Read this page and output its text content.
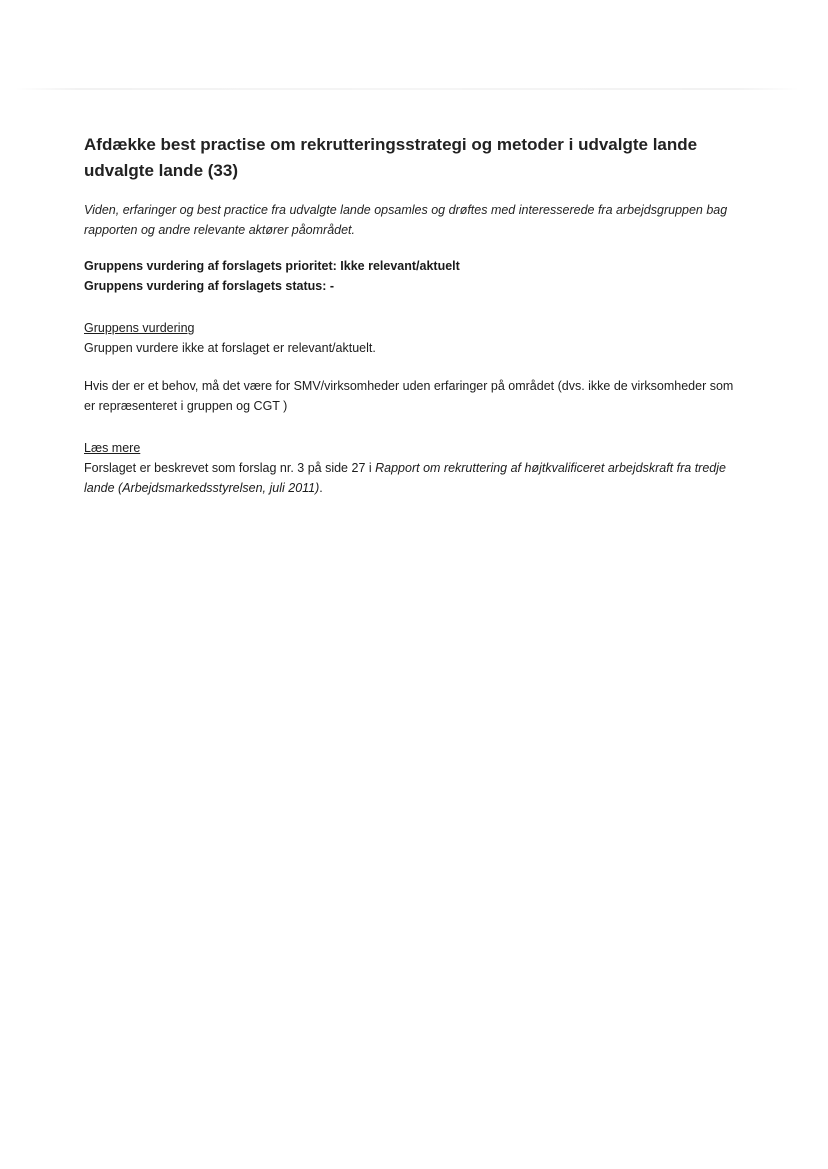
Afdække best practise om rekrutteringsstrategi og metoder i udvalgte lande udvalgte lande (33)

Viden, erfaringer og best practice fra udvalgte lande opsamles og drøftes med interesserede fra arbejdsgruppen bag rapporten og andre relevante aktører påområdet.

Gruppens vurdering af forslagets prioritet: Ikke relevant/aktuelt

Gruppens vurdering af forslagets status: -

Gruppens vurdering

Gruppen vurdere ikke at forslaget er relevant/aktuelt.

Hvis der er et behov, må det være for SMV/virksomheder uden erfaringer på området (dvs. ikke de virksomheder som er repræsenteret i gruppen og CGT )

Læs mere

Forslaget er beskrevet som forslag nr. 3 på side 27 i Rapport om rekruttering af højtkvalificeret arbejdskraft fra tredje lande (Arbejdsmarkedsstyrelsen, juli 2011).
